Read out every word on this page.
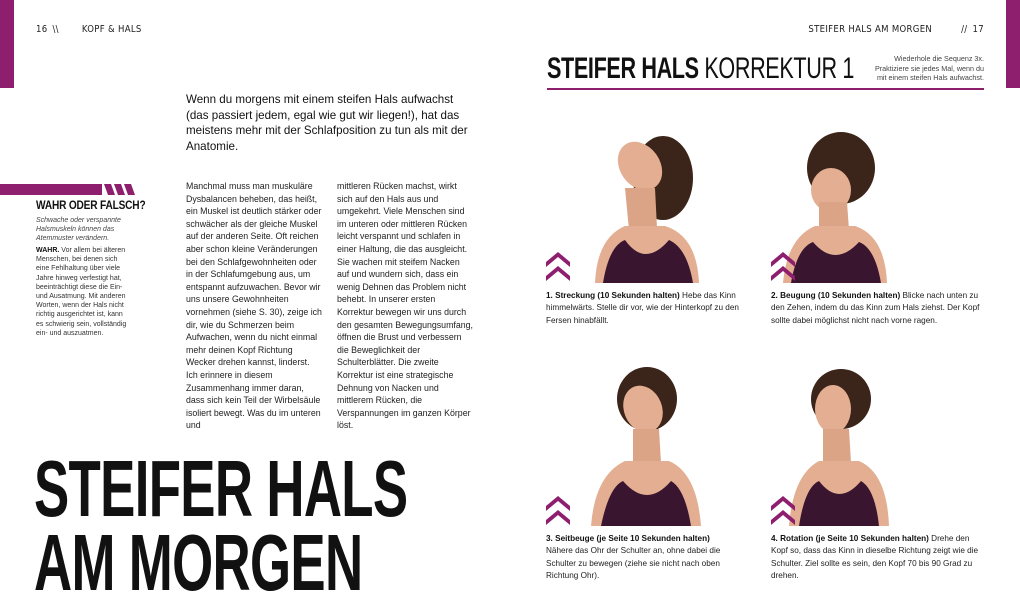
16 \\ KOPF & HALS	STEIFER HALS AM MORGEN	// 17
Wenn du morgens mit einem steifen Hals aufwachst (das passiert jedem, egal wie gut wir liegen!), hat das meistens mehr mit der Schlafposition zu tun als mit der Anatomie.
WAHR ODER FALSCH?
Schwache oder verspannte Halsmuskeln können das Atemmuster verändern.
WAHR. Vor allem bei älteren Menschen, bei denen sich eine Fehlhaltung über viele Jahre hinweg verfestigt hat, beeinträchtigt diese die Ein- und Ausatmung. Mit anderen Worten, wenn der Hals nicht richtig ausgerichtet ist, kann es schwierig sein, vollständig ein- und auszuatmen.
Manchmal muss man muskuläre Dysbalancen beheben, das heißt, ein Muskel ist deutlich stärker oder schwächer als der gleiche Muskel auf der anderen Seite. Oft reichen aber schon kleine Veränderungen bei den Schlafgewohnheiten oder in der Schlafumgebung aus, um entspannt aufzuwachen. Bevor wir uns unsere Gewohnheiten vornehmen (siehe S. 30), zeige ich dir, wie du Schmerzen beim Aufwachen, wenn du nicht einmal mehr deinen Kopf Richtung Wecker drehen kannst, linderst. Ich erinnere in diesem Zusammenhang immer daran, dass sich kein Teil der Wirbelsäule isoliert bewegt. Was du im unteren und
mittleren Rücken machst, wirkt sich auf den Hals aus und umgekehrt. Viele Menschen sind im unteren oder mittleren Rücken leicht verspannt und schlafen in einer Haltung, die das ausgleicht. Sie wachen mit steifem Nacken auf und wundern sich, dass ein wenig Dehnen das Problem nicht behebt. In unserer ersten Korrektur bewegen wir uns durch den gesamten Bewegungsumfang, öffnen die Brust und verbessern die Beweglichkeit der Schulterblätter. Die zweite Korrektur ist eine strategische Dehnung von Nacken und mittlerem Rücken, die Verspannungen im ganzen Körper löst.
STEIFER HALS
AM MORGEN
STEIFER HALS KORREKTUR 1	Wiederhole die Sequenz 3x. Praktiziere sie jedes Mal, wenn du mit einem steifen Hals aufwachst.
1. Streckung (10 Sekunden halten) Hebe das Kinn himmelwärts. Stelle dir vor, wie der Hinterkopf zu den Fersen hinabfällt.
2. Beugung (10 Sekunden halten) Blicke nach unten zu den Zehen, indem du das Kinn zum Hals ziehst. Der Kopf sollte dabei möglichst nicht nach vorne ragen.
3. Seitbeuge (je Seite 10 Sekunden halten) Nähere das Ohr der Schulter an, ohne dabei die Schulter zu bewegen (ziehe sie nicht nach oben Richtung Ohr).
4. Rotation (je Seite 10 Sekunden halten) Drehe den Kopf so, dass das Kinn in dieselbe Richtung zeigt wie die Schulter. Ziel sollte es sein, den Kopf 70 bis 90 Grad zu drehen.
